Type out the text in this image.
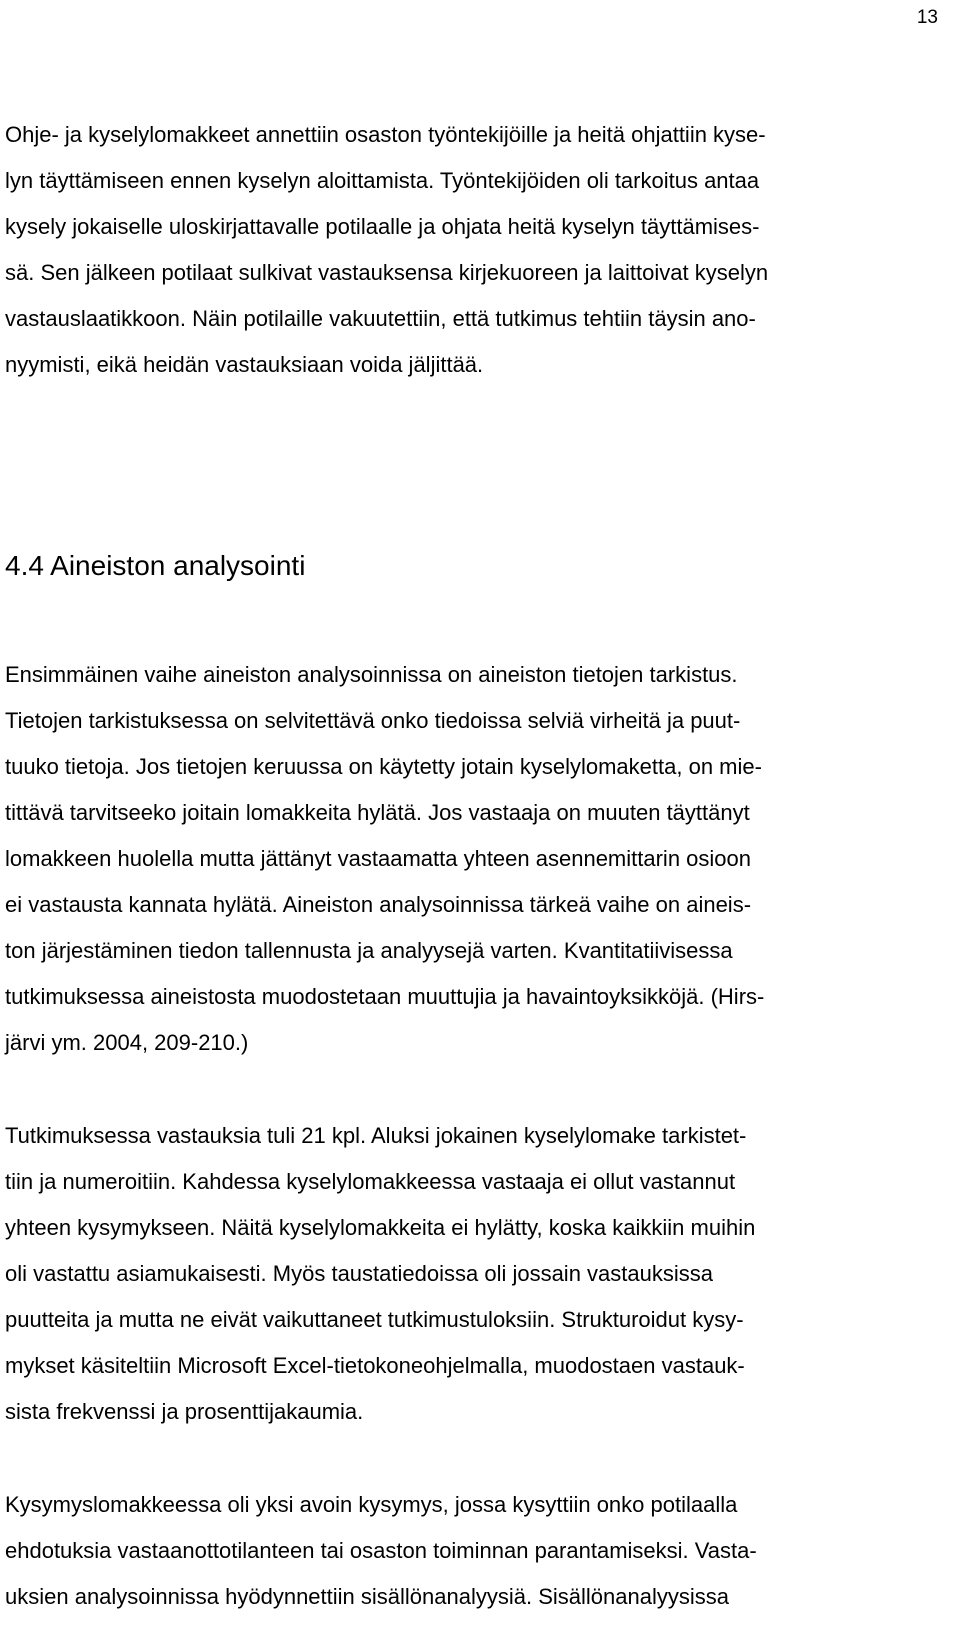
13
Ohje- ja kyselylomakkeet annettiin osaston työntekijöille ja heitä ohjattiin kyse-
lyn täyttämiseen ennen kyselyn aloittamista. Työntekijöiden oli tarkoitus antaa
kysely jokaiselle uloskirjattavalle potilaalle ja ohjata heitä kyselyn täyttämises-
sä. Sen jälkeen potilaat sulkivat vastauksensa kirjekuoreen ja laittoivat kyselyn
vastauslaatikkoon. Näin potilaille vakuutettiin, että tutkimus tehtiin täysin ano-
nyymisti, eikä heidän vastauksiaan voida jäljittää.
4.4 Aineiston analysointi
Ensimmäinen vaihe aineiston analysoinnissa on aineiston tietojen tarkistus.
Tietojen tarkistuksessa on selvitettävä onko tiedoissa selviä virheitä ja puut-
tuuko tietoja. Jos tietojen keruussa on käytetty jotain kyselylomaketta, on mie-
tittävä tarvitseeko joitain lomakkeita hylätä. Jos vastaaja on muuten täyttänyt
lomakkeen huolella mutta jättänyt vastaamatta yhteen asennemittarin osioon
ei vastausta kannata hylätä. Aineiston analysoinnissa tärkeä vaihe on aineis-
ton järjestäminen tiedon tallennusta ja analyysejä varten. Kvantitatiivisessa
tutkimuksessa aineistosta muodostetaan muuttujia ja havaintoyksikköjä. (Hirs-
järvi ym. 2004, 209-210.)
Tutkimuksessa vastauksia tuli 21 kpl. Aluksi jokainen kyselylomake tarkistet-
tiin ja numeroitiin. Kahdessa kyselylomakkeessa vastaaja ei ollut vastannut
yhteen kysymykseen. Näitä kyselylomakkeita ei hylätty, koska kaikkiin muihin
oli vastattu asiamukaisesti. Myös taustatiedoissa oli jossain vastauksissa
puutteita ja mutta ne eivät vaikuttaneet tutkimustuloksiin. Strukturoidut kysy-
mykset käsiteltiin Microsoft Excel-tietokoneohjelmalla, muodostaen vastauk-
sista frekvenssi ja prosenttijakaumia.
Kysymyslomakkeessa oli yksi avoin kysymys, jossa kysyttiin onko potilaalla
ehdotuksia vastaanottotilanteen tai osaston toiminnan parantamiseksi. Vasta-
uksien analysoinnissa hyödynnettiin sisällönanalyysiä. Sisällönanalyysissa
